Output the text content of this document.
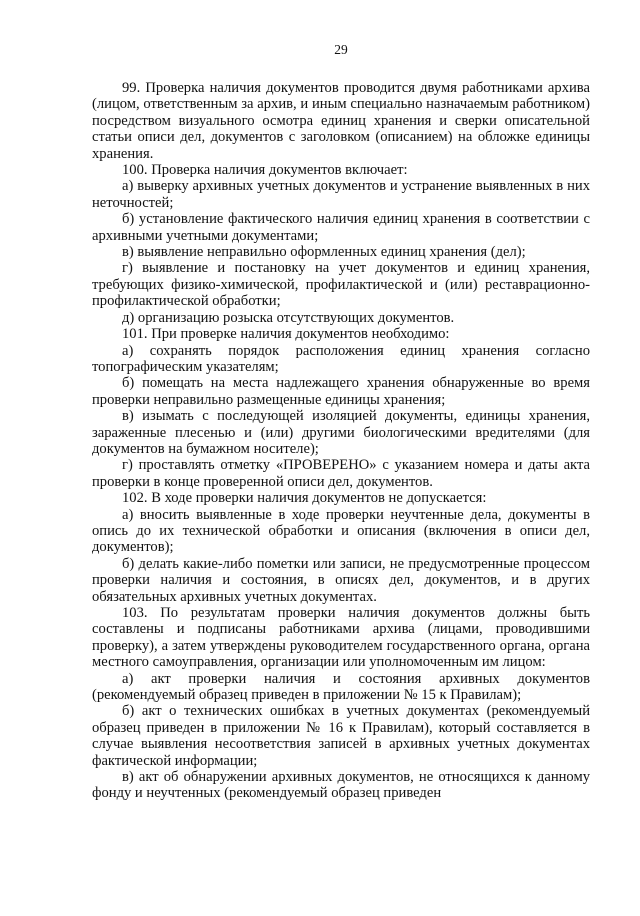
29

99. Проверка наличия документов проводится двумя работниками архива (лицом, ответственным за архив, и иным специально назначаемым работником) посредством визуального осмотра единиц хранения и сверки описательной статьи описи дел, документов с заголовком (описанием) на обложке единицы хранения.

100. Проверка наличия документов включает:

а) выверку архивных учетных документов и устранение выявленных в них неточностей;

б) установление фактического наличия единиц хранения в соответствии с архивными учетными документами;

в) выявление неправильно оформленных единиц хранения (дел);

г) выявление и постановку на учет документов и единиц хранения, требующих физико-химической, профилактической и (или) реставрационно-профилактической обработки;

д) организацию розыска отсутствующих документов.

101. При проверке наличия документов необходимо:

а) сохранять порядок расположения единиц хранения согласно топографическим указателям;

б) помещать на места надлежащего хранения обнаруженные во время проверки неправильно размещенные единицы хранения;

в) изымать с последующей изоляцией документы, единицы хранения, зараженные плесенью и (или) другими биологическими вредителями (для документов на бумажном носителе);

г) проставлять отметку «ПРОВЕРЕНО» с указанием номера и даты акта проверки в конце проверенной описи дел, документов.

102. В ходе проверки наличия документов не допускается:

а) вносить выявленные в ходе проверки неучтенные дела, документы в опись до их технической обработки и описания (включения в описи дел, документов);

б) делать какие-либо пометки или записи, не предусмотренные процессом проверки наличия и состояния, в описях дел, документов, и в других обязательных архивных учетных документах.

103. По результатам проверки наличия документов должны быть составлены и подписаны работниками архива (лицами, проводившими проверку), а затем утверждены руководителем государственного органа, органа местного самоуправления, организации или уполномоченным им лицом:

а) акт проверки наличия и состояния архивных документов (рекомендуемый образец приведен в приложении № 15 к Правилам);

б) акт о технических ошибках в учетных документах (рекомендуемый образец приведен в приложении № 16 к Правилам), который составляется в случае выявления несоответствия записей в архивных учетных документах фактической информации;

в) акт об обнаружении архивных документов, не относящихся к данному фонду и неучтенных (рекомендуемый образец приведен
